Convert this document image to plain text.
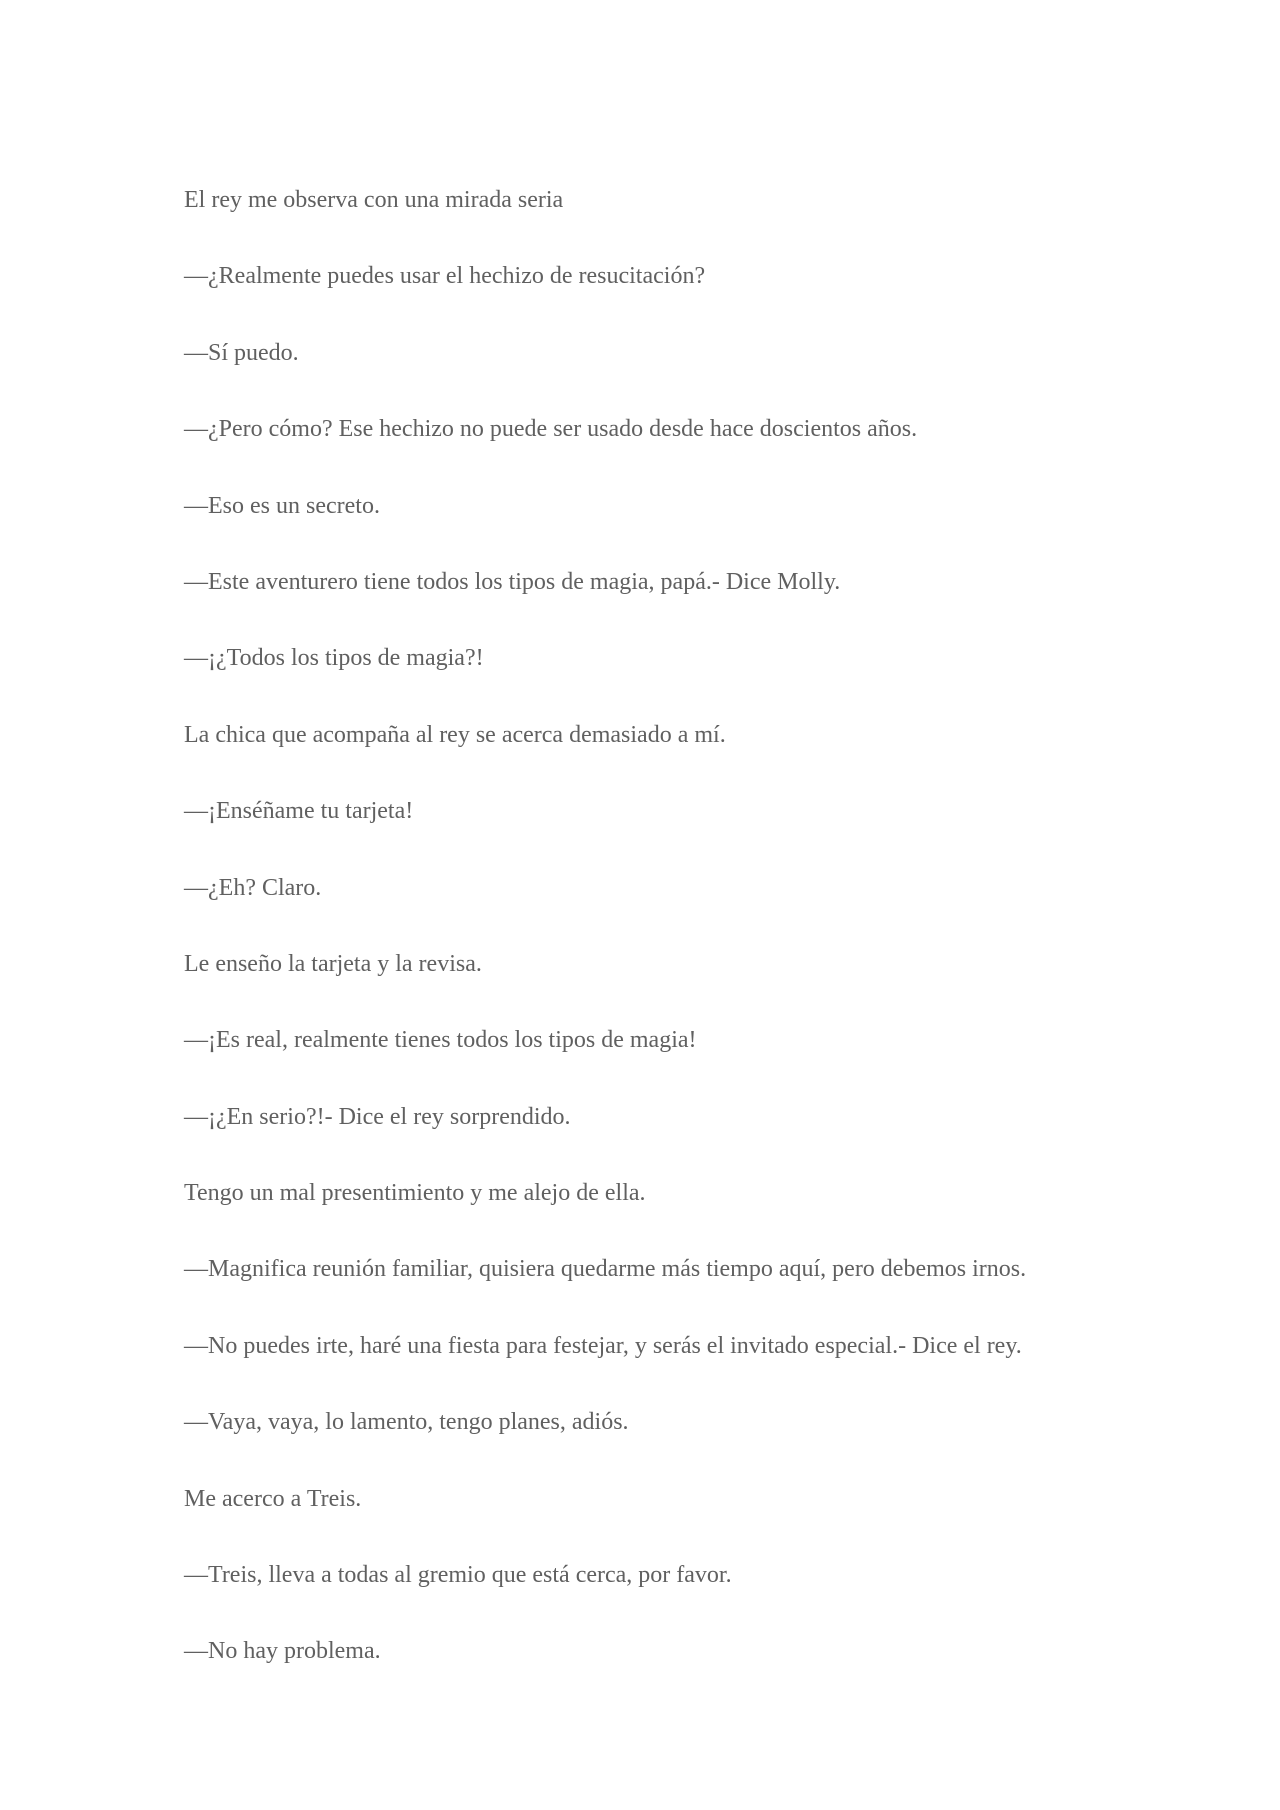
El rey me observa con una mirada seria

—¿Realmente puedes usar el hechizo de resucitación?

—Sí puedo.

—¿Pero cómo? Ese hechizo no puede ser usado desde hace doscientos años.

—Eso es un secreto.

—Este aventurero tiene todos los tipos de magia, papá.- Dice Molly.

—¡¿Todos los tipos de magia?!

La chica que acompaña al rey se acerca demasiado a mí.

—¡Enséñame tu tarjeta!

—¿Eh? Claro.

Le enseño la tarjeta y la revisa.

—¡Es real, realmente tienes todos los tipos de magia!

—¡¿En serio?!- Dice el rey sorprendido.

Tengo un mal presentimiento y me alejo de ella.

—Magnifica reunión familiar, quisiera quedarme más tiempo aquí, pero debemos irnos.

—No puedes irte, haré una fiesta para festejar, y serás el invitado especial.- Dice el rey.

—Vaya, vaya, lo lamento, tengo planes, adiós.

Me acerco a Treis.

—Treis, lleva a todas al gremio que está cerca, por favor.

—No hay problema.
